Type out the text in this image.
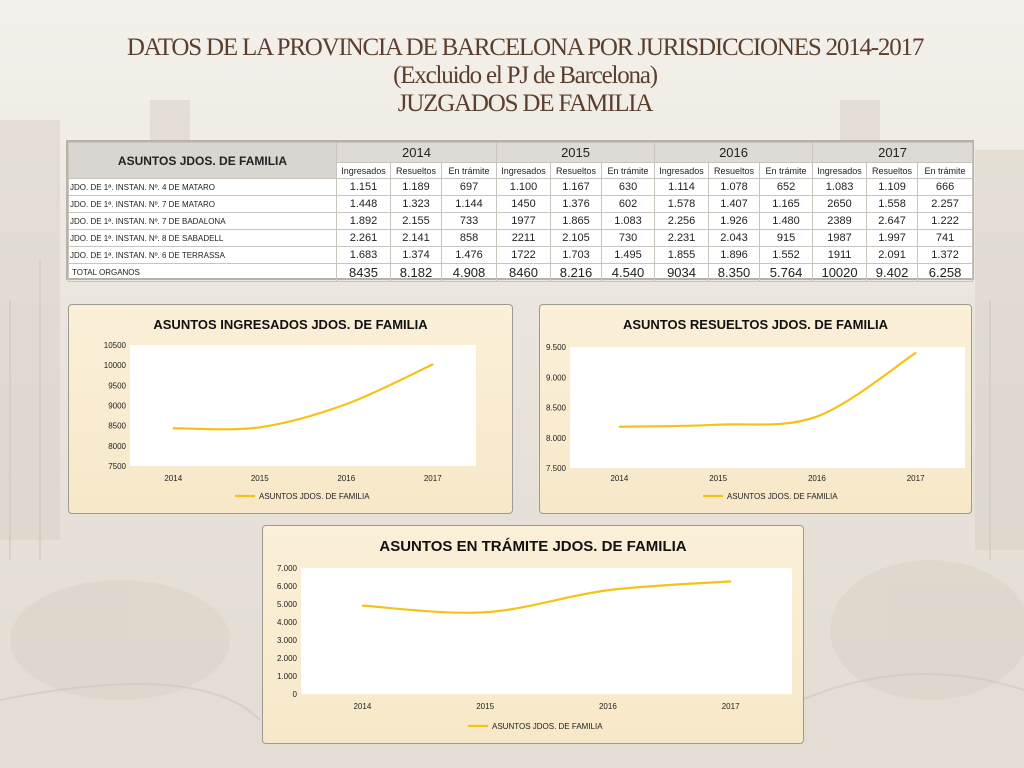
DATOS DE LA PROVINCIA DE BARCELONA POR JURISDICCIONES 2014-2017
(Excluido el PJ de Barcelona)
JUZGADOS DE FAMILIA
ASUNTOS JDOS. DE FAMILIA	2014			2015			2016			2017		
	Ingresados	Resueltos	En trámite	Ingresados	Resueltos	En trámite	Ingresados	Resueltos	En trámite	Ingresados	Resueltos	En trámite
JDO. DE 1ª. INSTAN. Nº. 4 DE MATARO	1.151	1.189	697	1.100	1.167	630	1.114	1.078	652	1.083	1.109	666
JDO. DE 1ª. INSTAN. Nº. 7 DE MATARO	1.448	1.323	1.144	1450	1.376	602	1.578	1.407	1.165	2650	1.558	2.257
JDO. DE 1ª. INSTAN. Nº. 7 DE BADALONA	1.892	2.155	733	1977	1.865	1.083	2.256	1.926	1.480	2389	2.647	1.222
JDO. DE 1ª. INSTAN. Nº. 8 DE SABADELL	2.261	2.141	858	2211	2.105	730	2.231	2.043	915	1987	1.997	741
JDO. DE 1ª. INSTAN. Nº. 6 DE TERRASSA	1.683	1.374	1.476	1722	1.703	1.495	1.855	1.896	1.552	1911	2.091	1.372
TOTAL ORGANOS	8435	8.182	4.908	8460	8.216	4.540	9034	8.350	5.764	10020	9.402	6.258
ASUNTOS INGRESADOS JDOS. DE FAMILIA
7500
8000
8500
9000
9500
10000
10500
2014	2015	2016	2017
ASUNTOS JDOS. DE FAMILIA
ASUNTOS RESUELTOS JDOS. DE FAMILIA
7.500
8.000
8.500
9.000
9.500
2014	2015	2016	2017
ASUNTOS JDOS. DE FAMILIA
ASUNTOS EN TRÁMITE JDOS. DE FAMILIA
0
1.000
2.000
3.000
4.000
5.000
6.000
7.000
2014	2015	2016	2017
ASUNTOS JDOS. DE FAMILIA
